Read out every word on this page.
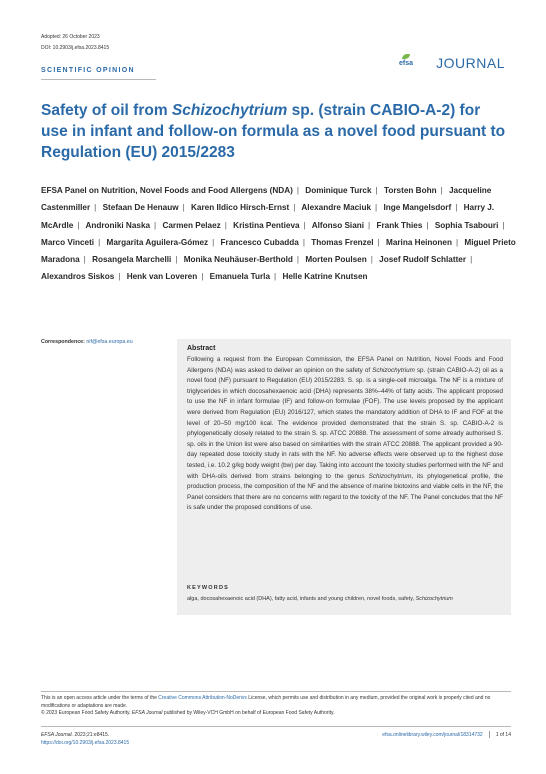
Adopted: 26 October 2023
DOI: 10.2903/j.efsa.2023.8415
efsa JOURNAL
SCIENTIFIC OPINION
Safety of oil from Schizochytrium sp. (strain CABIO-A-2) for use in infant and follow-on formula as a novel food pursuant to Regulation (EU) 2015/2283
EFSA Panel on Nutrition, Novel Foods and Food Allergens (NDA) | Dominique Turck | Torsten Bohn | Jacqueline Castenmiller | Stefaan De Henauw | Karen Ildico Hirsch-Ernst | Alexandre Maciuk | Inge Mangelsdorf | Harry J. McArdle | Androniki Naska | Carmen Pelaez | Kristina Pentieva | Alfonso Siani | Frank Thies | Sophia Tsabouri | Marco Vinceti | Margarita Aguilera-Gómez | Francesco Cubadda | Thomas Frenzel | Marina Heinonen | Miguel Prieto Maradona | Rosangela Marchelli | Monika Neuhäuser-Berthold | Morten Poulsen | Josef Rudolf Schlatter | Alexandros Siskos | Henk van Loveren | Emanuela Turla | Helle Katrine Knutsen
Correspondence: nif@efsa.europa.eu
Abstract
Following a request from the European Commission, the EFSA Panel on Nutrition, Novel Foods and Food Allergens (NDA) was asked to deliver an opinion on the safety of Schizochytrium sp. (strain CABIO-A-2) oil as a novel food (NF) pursuant to Regulation (EU) 2015/2283. S. sp. is a single-cell microalga. The NF is a mixture of triglycerides in which docosahexaenoic acid (DHA) represents 38%–44% of fatty acids. The applicant proposed to use the NF in infant formulae (IF) and follow-on formulae (FOF). The use levels proposed by the applicant were derived from Regulation (EU) 2016/127, which states the mandatory addition of DHA to IF and FOF at the level of 20–50 mg/100 kcal. The evidence provided demonstrated that the strain S. sp. CABIO-A-2 is phylogenetically closely related to the strain S. sp. ATCC 20888. The assessment of some already authorised S. sp. oils in the Union list were also based on similarities with the strain ATCC 20888. The applicant provided a 90-day repeated dose toxicity study in rats with the NF. No adverse effects were observed up to the highest dose tested, i.e. 10.2 g/kg body weight (bw) per day. Taking into account the toxicity studies performed with the NF and with DHA-oils derived from strains belonging to the genus Schizochytrium, its phylogenetical profile, the production process, the composition of the NF and the absence of marine biotoxins and viable cells in the NF, the Panel considers that there are no concerns with regard to the toxicity of the NF. The Panel concludes that the NF is safe under the proposed conditions of use.
KEYWORDS
alga, docosahexaenoic acid (DHA), fatty acid, infants and young children, novel foods, safety, Schizochytrium
This is an open access article under the terms of the Creative Commons Attribution-NoDerivs License, which permits use and distribution in any medium, provided the original work is properly cited and no modifications or adaptations are made.
© 2023 European Food Safety Authority. EFSA Journal published by Wiley-VCH GmbH on behalf of European Food Safety Authority.
EFSA Journal. 2023;21:e8415.
https://doi.org/10.2903/j.efsa.2023.8415
efsa.onlinelibrary.wiley.com/journal/18314732	1 of 14
